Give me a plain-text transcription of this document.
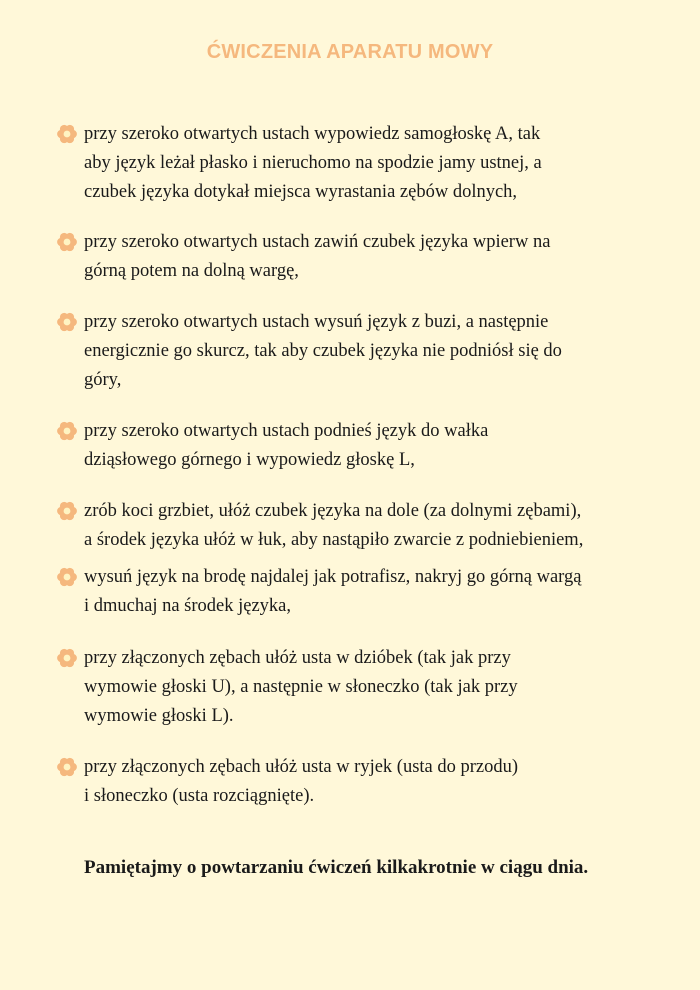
ĆWICZENIA APARATU MOWY
przy szeroko otwartych ustach wypowiedz samogłoskę A, tak
aby język leżał płasko i nieruchomo na spodzie jamy ustnej, a
czubek języka dotykał miejsca wyrastania zębów dolnych,
przy szeroko otwartych ustach zawiń czubek języka wpierw na
górną potem na dolną wargę,
przy szeroko otwartych ustach wysuń język z buzi, a następnie
energicznie go skurcz, tak aby czubek języka nie podniósł się do
góry,
przy szeroko otwartych ustach podnieś język do wałka
dziąsłowego górnego i wypowiedz głoskę L,
zrób koci grzbiet, ułóż czubek języka na dole (za dolnymi zębami),
a środek języka ułóż w łuk, aby nastąpiło zwarcie z podniebieniem,
wysuń język na brodę najdalej jak potrafisz, nakryj go górną wargą
i dmuchaj na środek języka,
przy złączonych zębach ułóż usta w dzióbek (tak jak przy
wymowie głoski U), a następnie w słoneczko (tak jak przy
wymowie głoski L).
przy złączonych zębach ułóż usta w ryjek (usta do przodu)
i słoneczko (usta rozciągnięte).
Pamiętajmy o powtarzaniu ćwiczeń kilkakrotnie w ciągu dnia.
